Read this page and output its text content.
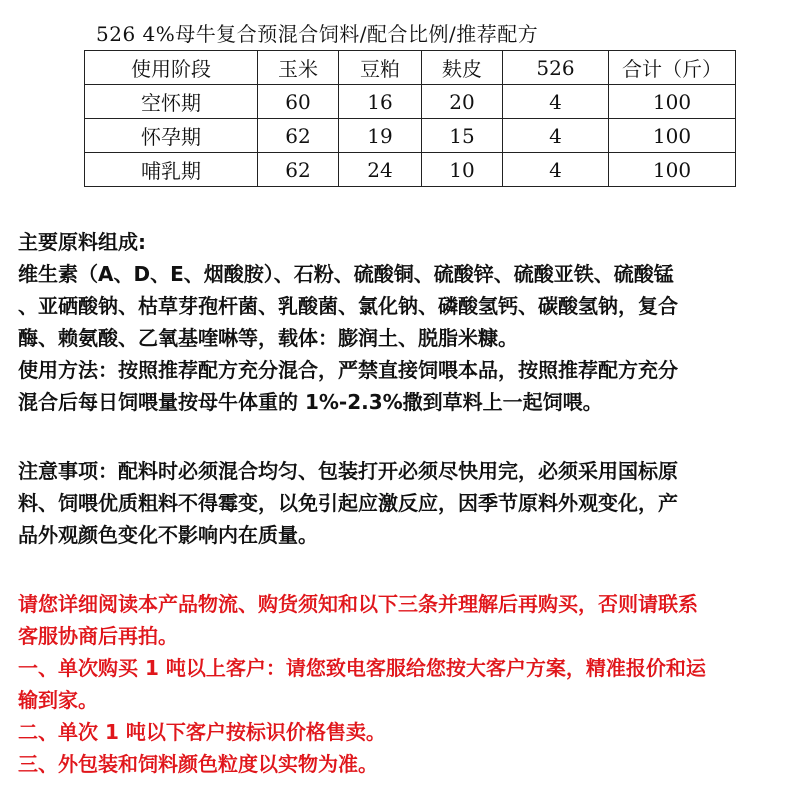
526 4%母牛复合预混合饲料/配合比例/推荐配方
使用阶段	玉米	豆粕	麸皮	526	合计（斤）
空怀期	60	16	20	4	100
怀孕期	62	19	15	4	100
哺乳期	62	24	10	4	100

主要原料组成:

维生素（A、D、E、烟酸胺）、石粉、硫酸铜、硫酸锌、硫酸亚铁、硫酸锰

、亚硒酸钠、枯草芽孢杆菌、乳酸菌、氯化钠、磷酸氢钙、碳酸氢钠，复合

酶、赖氨酸、乙氧基喹啉等，载体：膨润土、脱脂米糠。

使用方法：按照推荐配方充分混合，严禁直接饲喂本品，按照推荐配方充分

混合后每日饲喂量按母牛体重的 1%-2.3%撒到草料上一起饲喂。

注意事项：配料时必须混合均匀、包装打开必须尽快用完，必须采用国标原

料、饲喂优质粗料不得霉变，以免引起应激反应，因季节原料外观变化，产

品外观颜色变化不影响内在质量。

请您详细阅读本产品物流、购货须知和以下三条并理解后再购买，否则请联系

客服协商后再拍。

一、单次购买 1 吨以上客户：请您致电客服给您按大客户方案，精准报价和运

输到家。

二、单次 1 吨以下客户按标识价格售卖。

三、外包装和饲料颜色粒度以实物为准。
